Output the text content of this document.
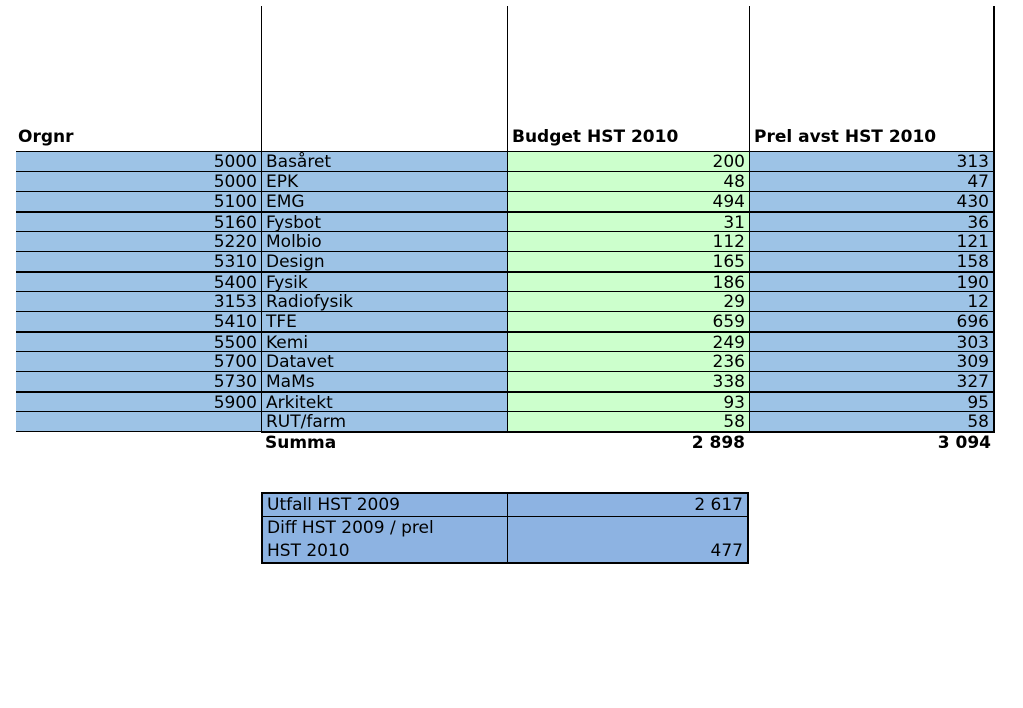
Orgnr	Budget HST 2010	Prel avst HST 2010
5000 Basåret	200	313
5000 EPK	48	47
5100 EMG	494	430
5160 Fysbot	31	36
5220 Molbio	112	121
5310 Design	165	158
5400 Fysik	186	190
3153 Radiofysik	29	12
5410 TFE	659	696
5500 Kemi	249	303
5700 Datavet	236	309
5730 MaMs	338	327
5900 Arkitekt	93	95
RUT/farm	58	58
Summa	2 898	3 094
Utfall HST 2009	2 617
Diff HST 2009 / prel
HST 2010	477
